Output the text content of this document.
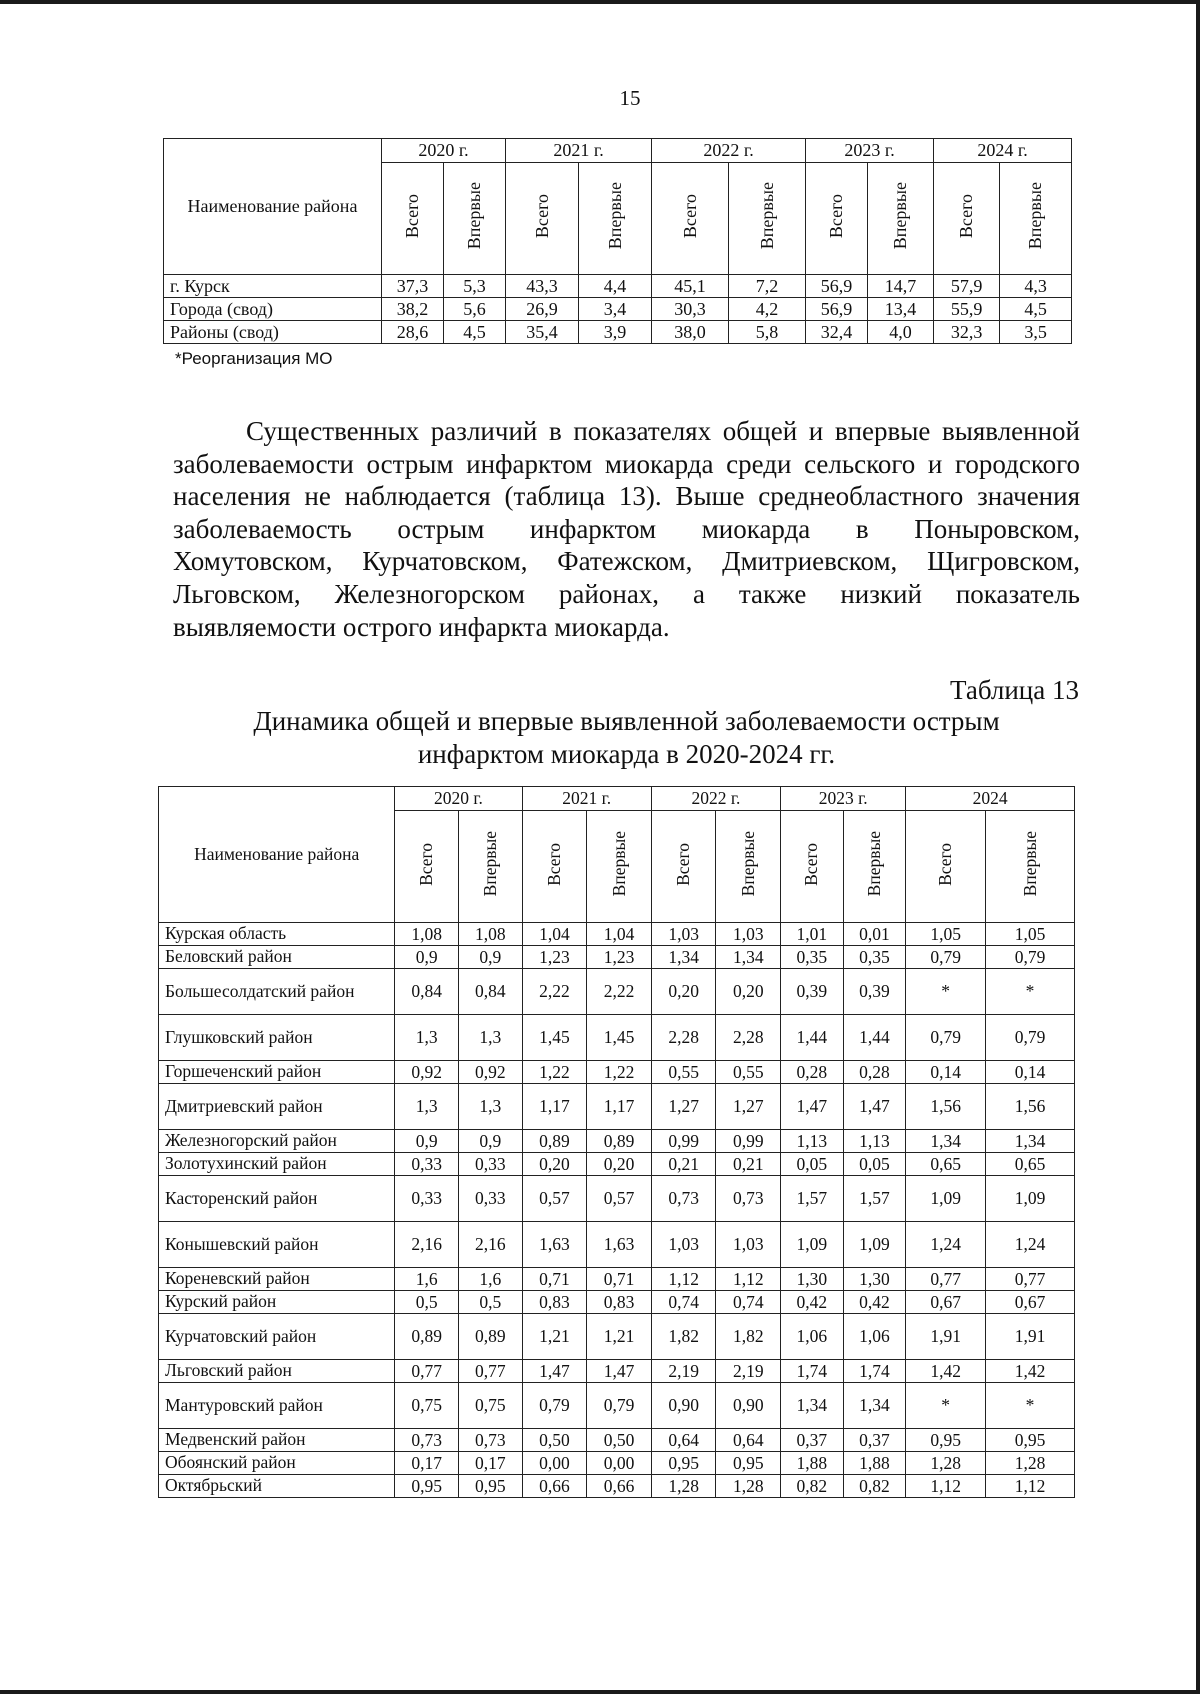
15
Наименование района	2020 г.		2021 г.		2022 г.		2023 г.		2024 г.	
	Всего	Впервые	Всего	Впервые	Всего	Впервые	Всего	Впервые	Всего	Впервые
г. Курск	37,3	5,3	43,3	4,4	45,1	7,2	56,9	14,7	57,9	4,3
Города (свод)	38,2	5,6	26,9	3,4	30,3	4,2	56,9	13,4	55,9	4,5
Районы (свод)	28,6	4,5	35,4	3,9	38,0	5,8	32,4	4,0	32,3	3,5
*Реорганизация МО
Существенных различий в показателях общей и впервые выявленной
заболеваемости острым инфарктом миокарда среди сельского и городского
населения не наблюдается (таблица 13). Выше среднеобластного значения
заболеваемость острым инфарктом миокарда в Поныровском,
Хомутовском, Курчатовском, Фатежском, Дмитриевском, Щигровском,
Льговском, Железногорском районах, а также низкий показатель
выявляемости острого инфаркта миокарда.
Таблица 13
Динамика общей и впервые выявленной заболеваемости острым
инфарктом миокарда в 2020-2024 гг.
Наименование района	2020 г.		2021 г.		2022 г.		2023 г.		2024	
	Всего	Впервые	Всего	Впервые	Всего	Впервые	Всего	Впервые	Всего	Впервые
Курская область	1,08	1,08	1,04	1,04	1,03	1,03	1,01	0,01	1,05	1,05
Беловский район	0,9	0,9	1,23	1,23	1,34	1,34	0,35	0,35	0,79	0,79
Большесолдатский район	0,84	0,84	2,22	2,22	0,20	0,20	0,39	0,39	*	*
Глушковский район	1,3	1,3	1,45	1,45	2,28	2,28	1,44	1,44	0,79	0,79
Горшеченский район	0,92	0,92	1,22	1,22	0,55	0,55	0,28	0,28	0,14	0,14
Дмитриевский район	1,3	1,3	1,17	1,17	1,27	1,27	1,47	1,47	1,56	1,56
Железногорский район	0,9	0,9	0,89	0,89	0,99	0,99	1,13	1,13	1,34	1,34
Золотухинский район	0,33	0,33	0,20	0,20	0,21	0,21	0,05	0,05	0,65	0,65
Касторенский район	0,33	0,33	0,57	0,57	0,73	0,73	1,57	1,57	1,09	1,09
Конышевский район	2,16	2,16	1,63	1,63	1,03	1,03	1,09	1,09	1,24	1,24
Кореневский район	1,6	1,6	0,71	0,71	1,12	1,12	1,30	1,30	0,77	0,77
Курский район	0,5	0,5	0,83	0,83	0,74	0,74	0,42	0,42	0,67	0,67
Курчатовский район	0,89	0,89	1,21	1,21	1,82	1,82	1,06	1,06	1,91	1,91
Льговский район	0,77	0,77	1,47	1,47	2,19	2,19	1,74	1,74	1,42	1,42
Мантуровский район	0,75	0,75	0,79	0,79	0,90	0,90	1,34	1,34	*	*
Медвенский район	0,73	0,73	0,50	0,50	0,64	0,64	0,37	0,37	0,95	0,95
Обоянский район	0,17	0,17	0,00	0,00	0,95	0,95	1,88	1,88	1,28	1,28
Октябрьский	0,95	0,95	0,66	0,66	1,28	1,28	0,82	0,82	1,12	1,12
